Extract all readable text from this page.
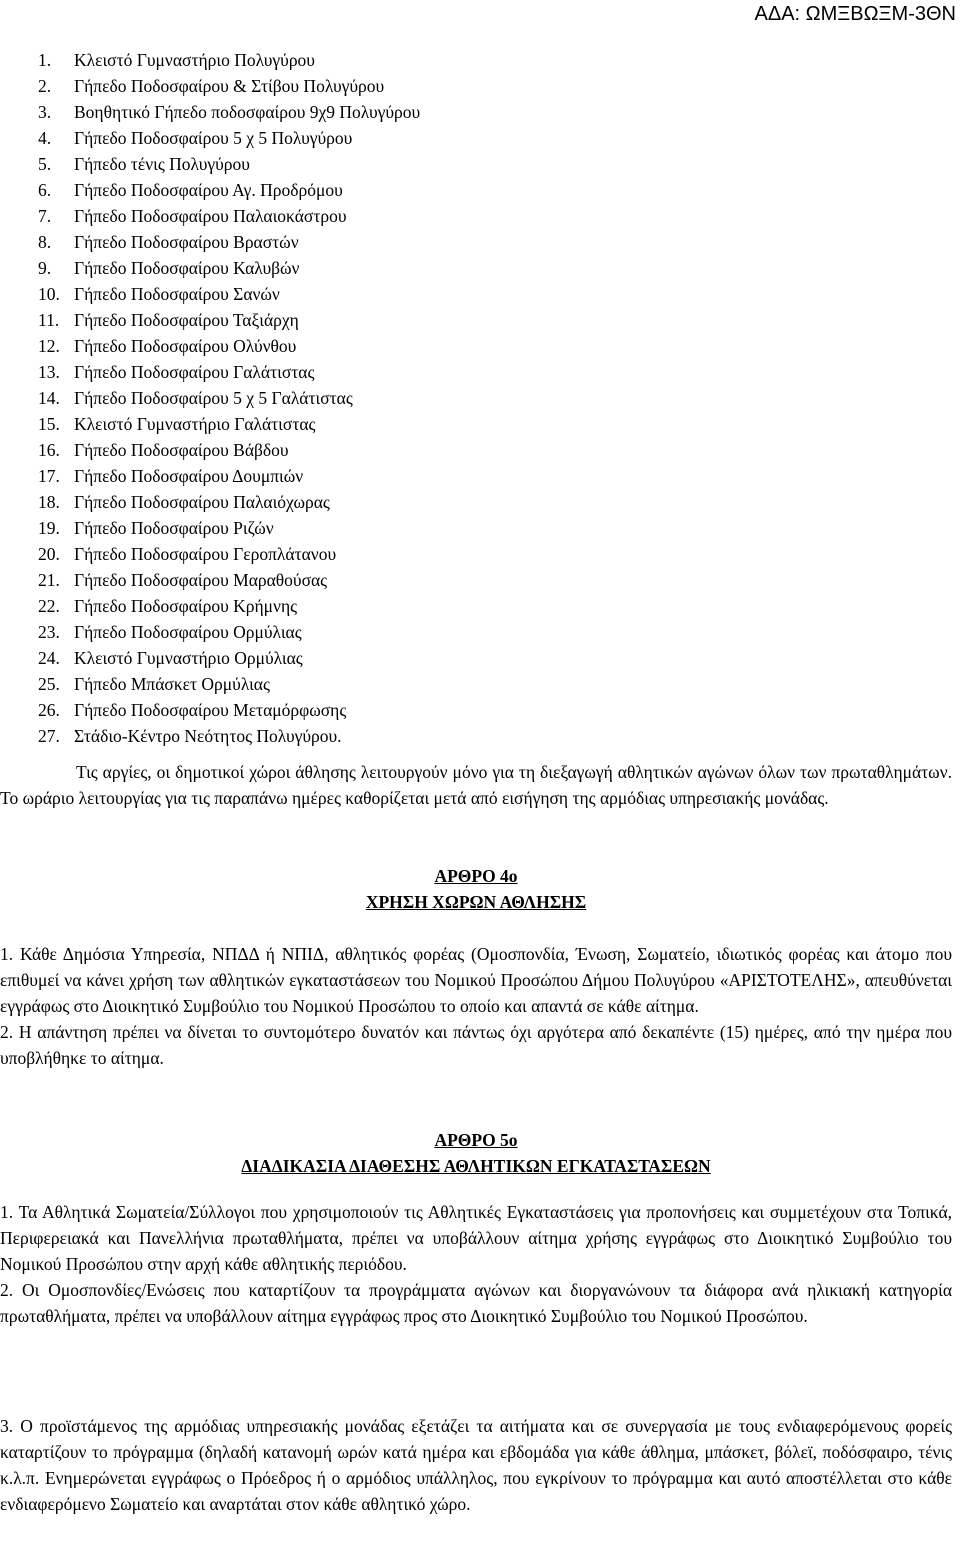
ΑΔΑ: ΩΜΞΒΩΞΜ-3ΘΝ
1. Κλειστό Γυμναστήριο Πολυγύρου
2. Γήπεδο Ποδοσφαίρου & Στίβου Πολυγύρου
3. Βοηθητικό Γήπεδο ποδοσφαίρου 9χ9 Πολυγύρου
4. Γήπεδο Ποδοσφαίρου 5 χ 5 Πολυγύρου
5. Γήπεδο τένις Πολυγύρου
6. Γήπεδο Ποδοσφαίρου Αγ. Προδρόμου
7. Γήπεδο Ποδοσφαίρου Παλαιοκάστρου
8. Γήπεδο Ποδοσφαίρου Βραστών
9. Γήπεδο Ποδοσφαίρου Καλυβών
10. Γήπεδο Ποδοσφαίρου Σανών
11. Γήπεδο Ποδοσφαίρου Ταξιάρχη
12. Γήπεδο Ποδοσφαίρου Ολύνθου
13. Γήπεδο Ποδοσφαίρου Γαλάτιστας
14. Γήπεδο Ποδοσφαίρου 5 χ 5 Γαλάτιστας
15. Κλειστό Γυμναστήριο Γαλάτιστας
16. Γήπεδο Ποδοσφαίρου Βάβδου
17. Γήπεδο Ποδοσφαίρου Δουμπιών
18. Γήπεδο Ποδοσφαίρου Παλαιόχωρας
19. Γήπεδο Ποδοσφαίρου Ριζών
20. Γήπεδο Ποδοσφαίρου Γεροπλάτανου
21. Γήπεδο Ποδοσφαίρου Μαραθούσας
22. Γήπεδο Ποδοσφαίρου Κρήμνης
23. Γήπεδο Ποδοσφαίρου Ορμύλιας
24. Κλειστό Γυμναστήριο Ορμύλιας
25. Γήπεδο Μπάσκετ Ορμύλιας
26. Γήπεδο Ποδοσφαίρου Μεταμόρφωσης
27. Στάδιο-Κέντρο Νεότητος Πολυγύρου.

Τις αργίες, οι δημοτικοί χώροι άθλησης λειτουργούν μόνο για τη διεξαγωγή αθλητικών αγώνων όλων των πρωταθλημάτων. Το ωράριο λειτουργίας για τις παραπάνω ημέρες καθορίζεται μετά από εισήγηση της αρμόδιας υπηρεσιακής μονάδας.

ΑΡΘΡΟ 4ο

ΧΡΗΣΗ ΧΩΡΩΝ ΑΘΛΗΣΗΣ

1. Κάθε Δημόσια Υπηρεσία, ΝΠΔΔ ή ΝΠΙΔ, αθλητικός φορέας (Ομοσπονδία, Ένωση, Σωματείο, ιδιωτικός φορέας και άτομο που επιθυμεί να κάνει χρήση των αθλητικών εγκαταστάσεων του Νομικού Προσώπου Δήμου Πολυγύρου «ΑΡΙΣΤΟΤΕΛΗΣ», απευθύνεται εγγράφως στο Διοικητικό Συμβούλιο του Νομικού Προσώπου το οποίο και απαντά σε κάθε αίτημα.

2. Η απάντηση πρέπει να δίνεται το συντομότερο δυνατόν και πάντως όχι αργότερα από δεκαπέντε (15) ημέρες, από την ημέρα που υποβλήθηκε το αίτημα.

ΑΡΘΡΟ 5ο

ΔΙΑΔΙΚΑΣΙΑ ΔΙΑΘΕΣΗΣ ΑΘΛΗΤΙΚΩΝ ΕΓΚΑΤΑΣΤΑΣΕΩΝ

1. Τα Αθλητικά Σωματεία/Σύλλογοι που χρησιμοποιούν τις Αθλητικές Εγκαταστάσεις για προπονήσεις και συμμετέχουν στα Τοπικά, Περιφερειακά και Πανελλήνια πρωταθλήματα, πρέπει να υποβάλλουν αίτημα χρήσης εγγράφως στο Διοικητικό Συμβούλιο του Νομικού Προσώπου στην αρχή κάθε αθλητικής περιόδου.

2. Οι Ομοσπονδίες/Ενώσεις που καταρτίζουν τα προγράμματα αγώνων και διοργανώνουν τα διάφορα ανά ηλικιακή κατηγορία πρωταθλήματα, πρέπει να υποβάλλουν αίτημα εγγράφως προς στο Διοικητικό Συμβούλιο του Νομικού Προσώπου.

3. Ο προϊστάμενος της αρμόδιας υπηρεσιακής μονάδας εξετάζει τα αιτήματα και σε συνεργασία με τους ενδιαφερόμενους φορείς καταρτίζουν το πρόγραμμα (δηλαδή κατανομή ωρών κατά ημέρα και εβδομάδα για κάθε άθλημα, μπάσκετ, βόλεϊ, ποδόσφαιρο, τένις κ.λ.π. Ενημερώνεται εγγράφως ο Πρόεδρος ή ο αρμόδιος υπάλληλος, που εγκρίνουν το πρόγραμμα και αυτό αποστέλλεται στο κάθε ενδιαφερόμενο Σωματείο και αναρτάται στον κάθε αθλητικό χώρο.
